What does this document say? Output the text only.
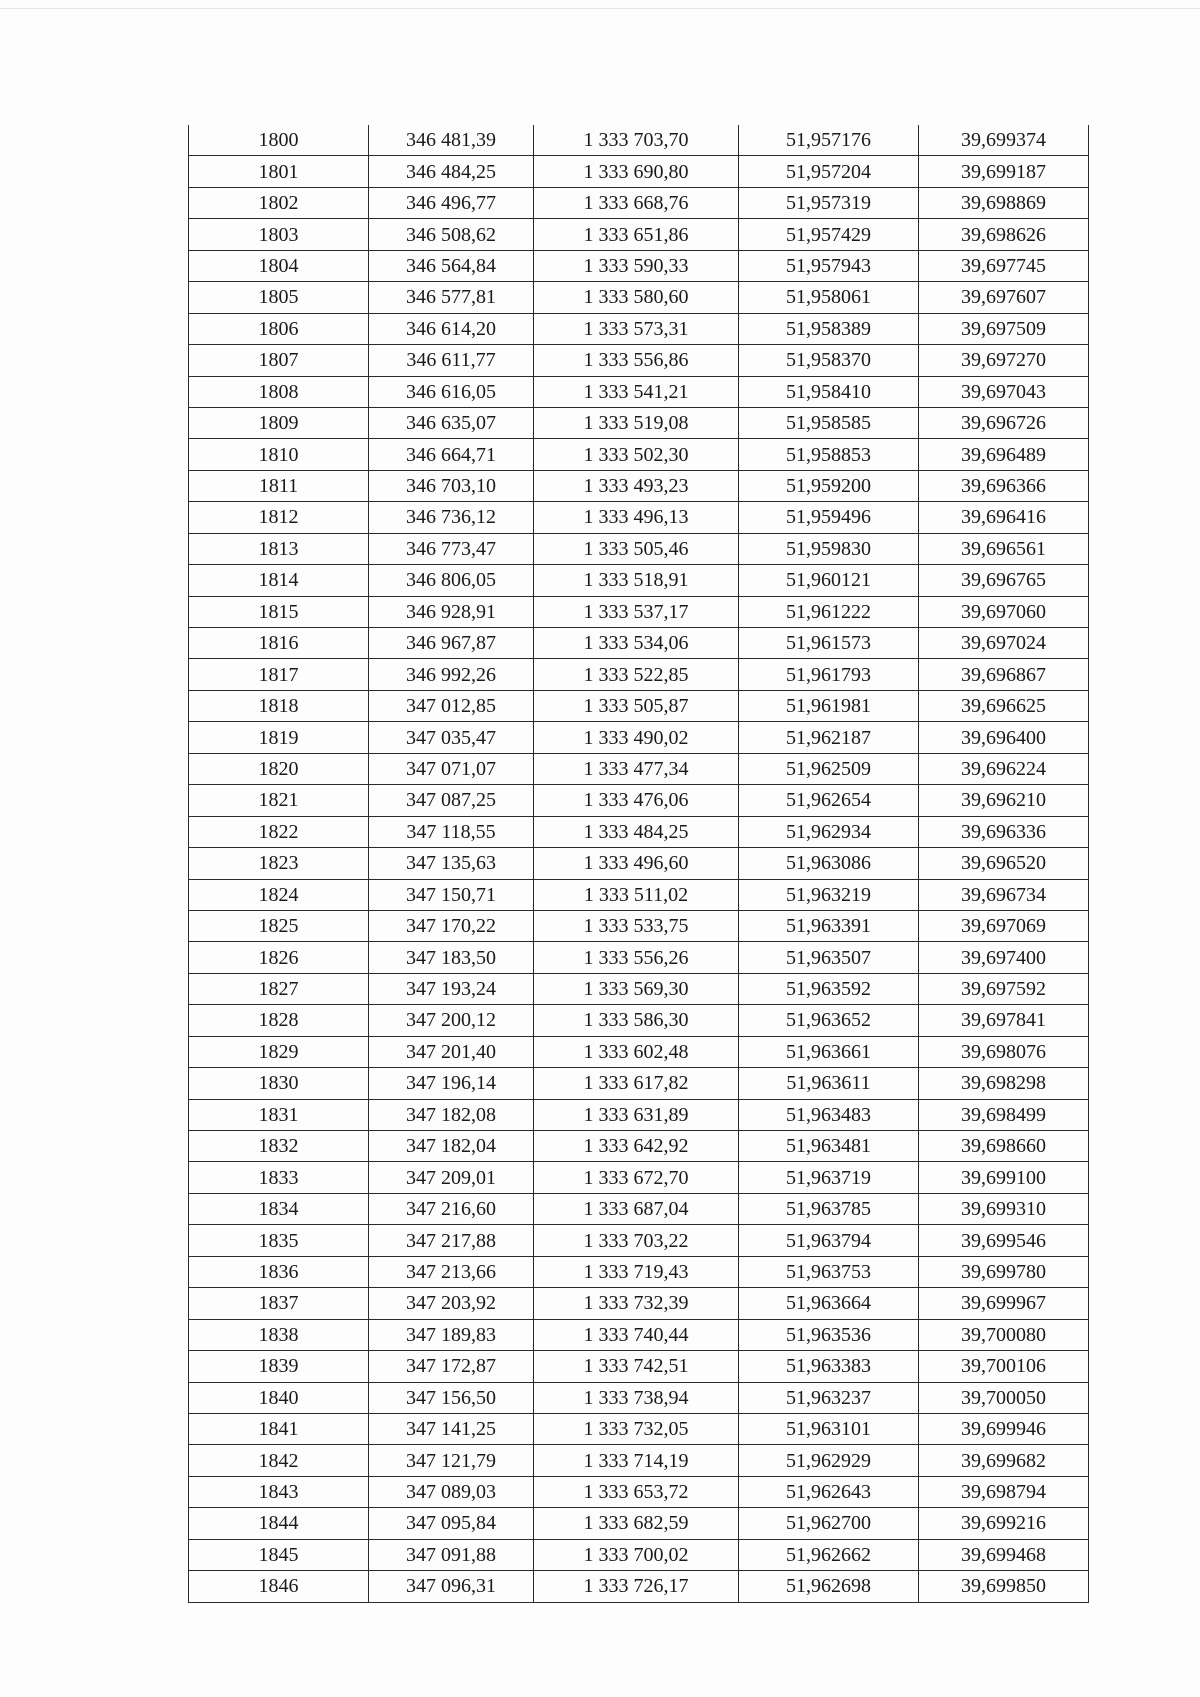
1800	346 481,39	1 333 703,70	51,957176	39,699374
1801	346 484,25	1 333 690,80	51,957204	39,699187
1802	346 496,77	1 333 668,76	51,957319	39,698869
1803	346 508,62	1 333 651,86	51,957429	39,698626
1804	346 564,84	1 333 590,33	51,957943	39,697745
1805	346 577,81	1 333 580,60	51,958061	39,697607
1806	346 614,20	1 333 573,31	51,958389	39,697509
1807	346 611,77	1 333 556,86	51,958370	39,697270
1808	346 616,05	1 333 541,21	51,958410	39,697043
1809	346 635,07	1 333 519,08	51,958585	39,696726
1810	346 664,71	1 333 502,30	51,958853	39,696489
1811	346 703,10	1 333 493,23	51,959200	39,696366
1812	346 736,12	1 333 496,13	51,959496	39,696416
1813	346 773,47	1 333 505,46	51,959830	39,696561
1814	346 806,05	1 333 518,91	51,960121	39,696765
1815	346 928,91	1 333 537,17	51,961222	39,697060
1816	346 967,87	1 333 534,06	51,961573	39,697024
1817	346 992,26	1 333 522,85	51,961793	39,696867
1818	347 012,85	1 333 505,87	51,961981	39,696625
1819	347 035,47	1 333 490,02	51,962187	39,696400
1820	347 071,07	1 333 477,34	51,962509	39,696224
1821	347 087,25	1 333 476,06	51,962654	39,696210
1822	347 118,55	1 333 484,25	51,962934	39,696336
1823	347 135,63	1 333 496,60	51,963086	39,696520
1824	347 150,71	1 333 511,02	51,963219	39,696734
1825	347 170,22	1 333 533,75	51,963391	39,697069
1826	347 183,50	1 333 556,26	51,963507	39,697400
1827	347 193,24	1 333 569,30	51,963592	39,697592
1828	347 200,12	1 333 586,30	51,963652	39,697841
1829	347 201,40	1 333 602,48	51,963661	39,698076
1830	347 196,14	1 333 617,82	51,963611	39,698298
1831	347 182,08	1 333 631,89	51,963483	39,698499
1832	347 182,04	1 333 642,92	51,963481	39,698660
1833	347 209,01	1 333 672,70	51,963719	39,699100
1834	347 216,60	1 333 687,04	51,963785	39,699310
1835	347 217,88	1 333 703,22	51,963794	39,699546
1836	347 213,66	1 333 719,43	51,963753	39,699780
1837	347 203,92	1 333 732,39	51,963664	39,699967
1838	347 189,83	1 333 740,44	51,963536	39,700080
1839	347 172,87	1 333 742,51	51,963383	39,700106
1840	347 156,50	1 333 738,94	51,963237	39,700050
1841	347 141,25	1 333 732,05	51,963101	39,699946
1842	347 121,79	1 333 714,19	51,962929	39,699682
1843	347 089,03	1 333 653,72	51,962643	39,698794
1844	347 095,84	1 333 682,59	51,962700	39,699216
1845	347 091,88	1 333 700,02	51,962662	39,699468
1846	347 096,31	1 333 726,17	51,962698	39,699850
